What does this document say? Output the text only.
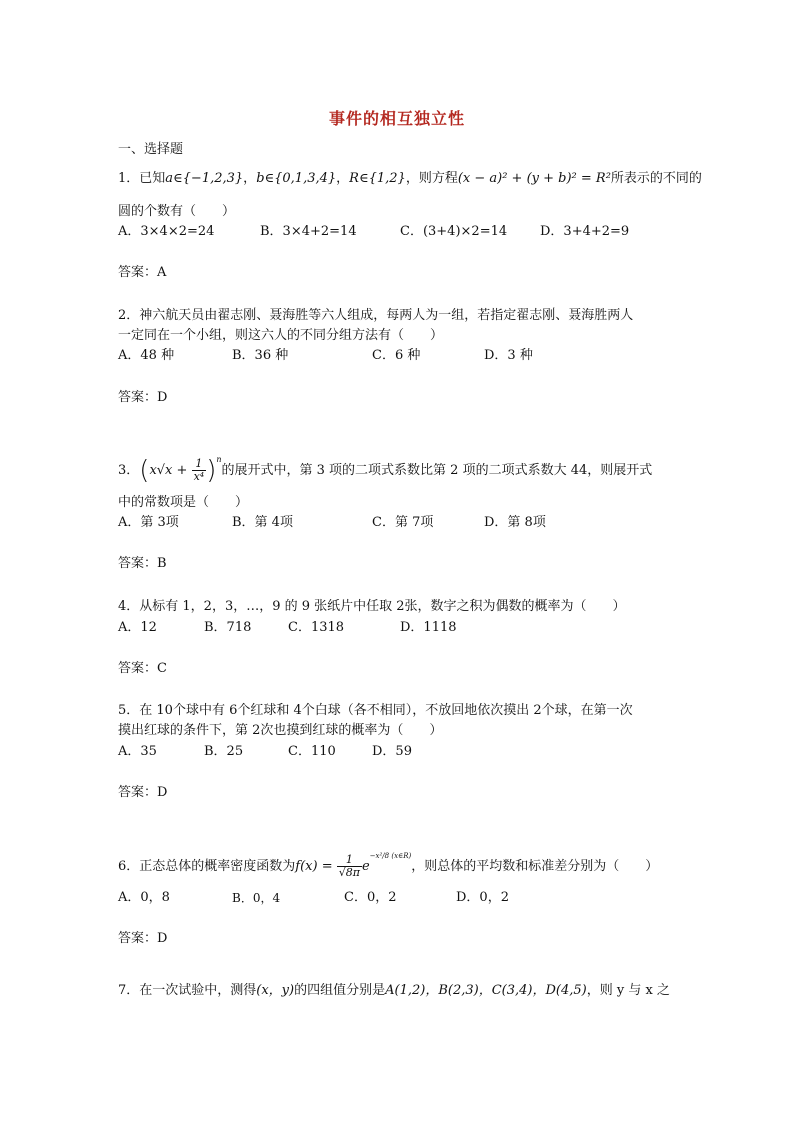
事件的相互独立性
一、选择题
1．已知a∈{−1,2,3}，b∈{0,1,3,4}，R∈{1,2}，则方程(x − a)² + (y + b)² = R²所表示的不同的
圆的个数有（　　）
A．3×4×2=24	B．3×4+2=14	C．(3+4)×2=14	D．3+4+2=9
答案：A
2．神六航天员由翟志刚、聂海胜等六人组成，每两人为一组，若指定翟志刚、聂海胜两人
一定同在一个小组，则这六人的不同分组方法有（　　）
A．48 种	B．36 种	C．6 种	D．3 种
答案：D
3．$(x√x + \frac{1}{\text{x⁴}} )^n$的展开式中，第 3 项的二项式系数比第 2 项的二项式系数大 44，则展开式
中的常数项是（　　）
A．第 3项	B．第 4项	C．第 7项	D．第 8项
答案：B
4．从标有 1，2，3，…，9 的 9 张纸片中任取 2张，数字之积为偶数的概率为（　　）
A．12	B．718	C．1318	D．1118
答案：C
5．在 10个球中有 6个红球和 4个白球（各不相同），不放回地依次摸出 2个球，在第一次
摸出红球的条件下，第 2次也摸到红球的概率为（　　）
A．35	B．25	C．110	D．59
答案：D
6．正态总体的概率密度函数为$f(x) = \frac{1}{√8\pi} e^{-x^2/8 (x\in R)}$，则总体的平均数和标准差分别为（　　）
A．0，8	B．0，4	C．0，2	D．0，2
答案：D
7．在一次试验中，测得(x，y)的四组值分别是A(1,2)，B(2,3)，C(3,4)，D(4,5)，则 y 与 x 之
